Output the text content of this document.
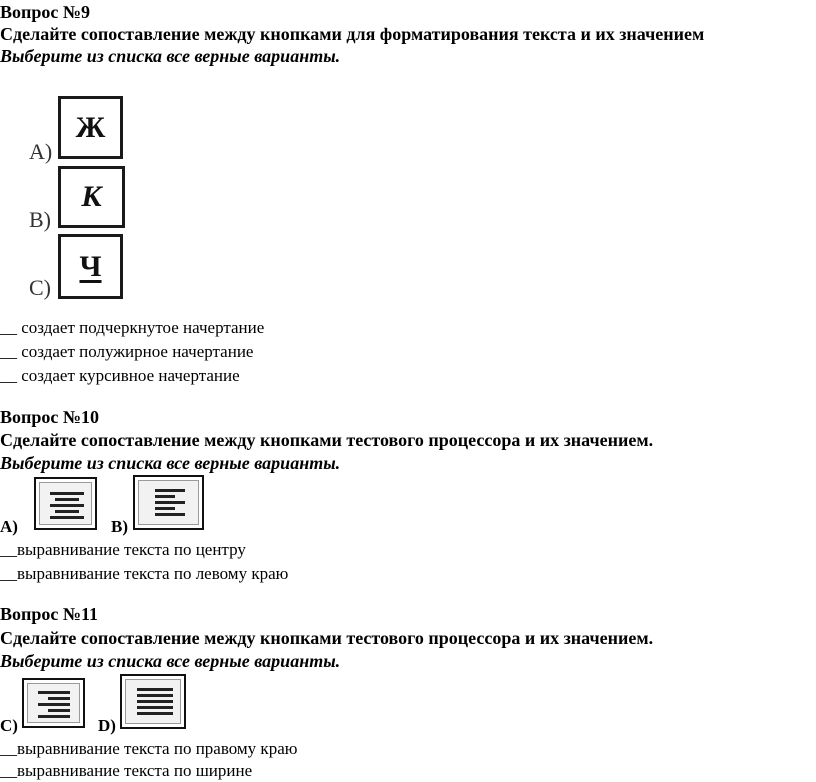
Вопрос №9
Сделайте сопоставление между кнопками для форматирования текста и их значением
Выберите из списка все верные варианты.
А)
Ж
В)
К
С)
Ч
__ создает подчеркнутое начертание
__ создает полужирное начертание
__ создает курсивное начертание
Вопрос №10
Сделайте сопоставление между кнопками тестового процессора и их значением.
Выберите из списка все верные варианты.
А)	В)
__выравнивание текста по центру
__выравнивание текста по левому краю
Вопрос №11
Сделайте сопоставление между кнопками тестового процессора и их значением.
Выберите из списка все верные варианты.
С)	D)
__выравнивание текста по правому краю
__выравнивание текста по ширине
